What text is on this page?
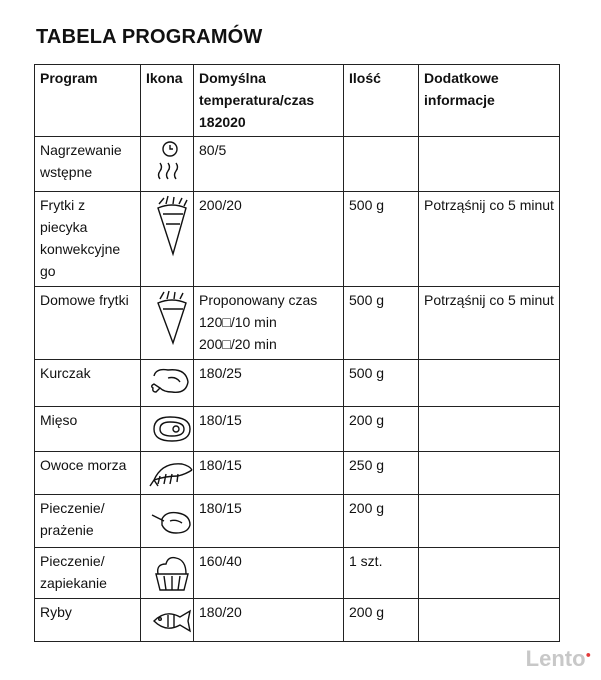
TABELA PROGRAMÓW
Program	Ikona	Domyślna temperatura/czas 182020	Ilość	Dodatkowe informacje
Nagrzewanie wstępne		80/5		
Frytki z piecyka konwekcyjne go		200/20	500 g	Potrząśnij co 5 minut
Domowe frytki		Proponowany czas
120□/10 min
200□/20 min	500 g	Potrząśnij co 5 minut
Kurczak		180/25	500 g	
Mięso		180/15	200 g	
Owoce morza		180/15	250 g	
Pieczenie/ prażenie		180/15	200 g	
Pieczenie/ zapiekanie		160/40	1 szt.	
Ryby		180/20	200 g	
Lento●
